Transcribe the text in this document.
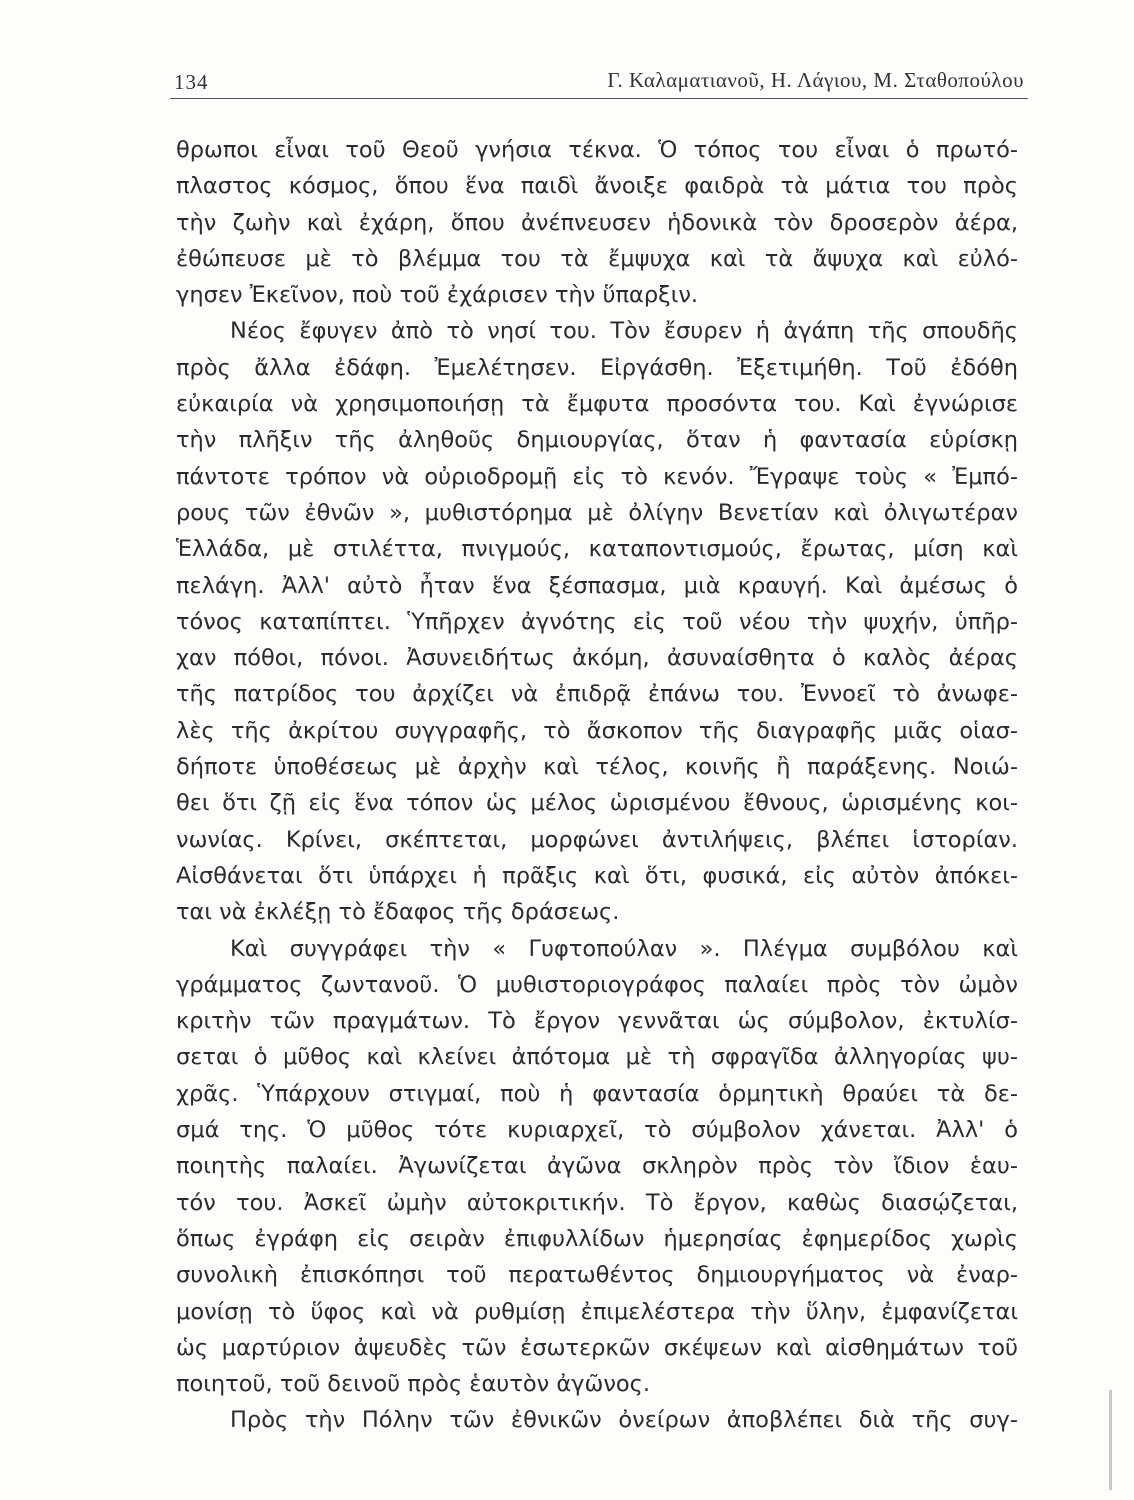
134	Γ. Καλαματιανοῦ, Η. Λάγιου, Μ. Σταθοπούλου
θρωποι εἶναι τοῦ Θεοῦ γνήσια τέκνα. Ὁ τόπος του εἶναι ὁ πρωτό- πλαστος κόσμος, ὅπου ἕνα παιδὶ ἄνοιξε φαιδρὰ τὰ μάτια του πρὸς τὴν ζωὴν καὶ ἐχάρη, ὅπου ἀνέπνευσεν ἡδονικὰ τὸν δροσερὸν ἀέρα, ἐθώπευσε μὲ τὸ βλέμμα του τὰ ἔμψυχα καὶ τὰ ἄψυχα καὶ εὐλό- γησεν Ἐκεῖνον, ποὺ τοῦ ἐχάρισεν τὴν ὕπαρξιν. Νέος ἔφυγεν ἀπὸ τὸ νησί του. Τὸν ἔσυρεν ἡ ἀγάπη τῆς σπουδῆς πρὸς ἄλλα ἐδάφη. Ἐμελέτησεν. Εἰργάσθη. Ἐξετιμήθη. Τοῦ ἐδόθη εὐκαιρία νὰ χρησιμοποιήσῃ τὰ ἔμφυτα προσόντα του. Καὶ ἐγνώρισε τὴν πλῆξιν τῆς ἀληθοῦς δημιουργίας, ὅταν ἡ φαντασία εὑρίσκῃ πάντοτε τρόπον νὰ οὐριοδρομῇ εἰς τὸ κενόν. Ἔγραψε τοὺς « Ἐμπό- ρους τῶν ἐθνῶν », μυθιστόρημα μὲ ὀλίγην Βενετίαν καὶ ὀλιγωτέραν Ἑλλάδα, μὲ στιλέττα, πνιγμούς, καταποντισμούς, ἔρωτας, μίση καὶ πελάγη. Ἀλλ' αὐτὸ ἦταν ἕνα ξέσπασμα, μιὰ κραυγή. Καὶ ἀμέσως ὁ τόνος καταπίπτει. Ὑπῆρχεν ἀγνότης εἰς τοῦ νέου τὴν ψυχήν, ὑπῆρ- χαν πόθοι, πόνοι. Ἀσυνειδήτως ἀκόμη, ἀσυναίσθητα ὁ καλὸς ἀέρας τῆς πατρίδος του ἀρχίζει νὰ ἐπιδρᾷ ἐπάνω του. Ἐννοεῖ τὸ ἀνωφε- λὲς τῆς ἀκρίτου συγγραφῆς, τὸ ἄσκοπον τῆς διαγραφῆς μιᾶς οἱασ- δήποτε ὑποθέσεως μὲ ἀρχὴν καὶ τέλος, κοινῆς ἢ παράξενης. Νοιώ- θει ὅτι ζῇ εἰς ἕνα τόπον ὡς μέλος ὡρισμένου ἔθνους, ὡρισμένης κοι- νωνίας. Κρίνει, σκέπτεται, μορφώνει ἀντιλήψεις, βλέπει ἱστορίαν. Αἰσθάνεται ὅτι ὑπάρχει ἡ πρᾶξις καὶ ὅτι, φυσικά, εἰς αὐτὸν ἀπόκει- ται νὰ ἐκλέξῃ τὸ ἔδαφος τῆς δράσεως. Καὶ συγγράφει τὴν « Γυφτοπούλαν ». Πλέγμα συμβόλου καὶ γράμματος ζωντανοῦ. Ὁ μυθιστοριογράφος παλαίει πρὸς τὸν ὠμὸν κριτὴν τῶν πραγμάτων. Τὸ ἔργον γεννᾶται ὡς σύμβολον, ἐκτυλίσ- σεται ὁ μῦθος καὶ κλείνει ἀπότομα μὲ τὴ σφραγῖδα ἀλληγορίας ψυ- χρᾶς. Ὑπάρχουν στιγμαί, ποὺ ἡ φαντασία ὁρμητικὴ θραύει τὰ δε- σμά της. Ὁ μῦθος τότε κυριαρχεῖ, τὸ σύμβολον χάνεται. Ἀλλ' ὁ ποιητὴς παλαίει. Ἀγωνίζεται ἀγῶνα σκληρὸν πρὸς τὸν ἴδιον ἑαυ- τόν του. Ἀσκεῖ ὠμὴν αὐτοκριτικήν. Τὸ ἔργον, καθὼς διασῴζεται, ὅπως ἐγράφη εἰς σειρὰν ἐπιφυλλίδων ἡμερησίας ἐφημερίδος χωρὶς συνολικὴ ἐπισκόπησι τοῦ περατωθέντος δημιουργήματος νὰ ἐναρ- μονίσῃ τὸ ὕφος καὶ νὰ ρυθμίσῃ ἐπιμελέστερα τὴν ὕλην, ἐμφανίζεται ὡς μαρτύριον ἀψευδὲς τῶν ἐσωτερκῶν σκέψεων καὶ αἰσθημάτων τοῦ ποιητοῦ, τοῦ δεινοῦ πρὸς ἑαυτὸν ἀγῶνος. Πρὸς τὴν Πόλην τῶν ἐθνικῶν ὀνείρων ἀποβλέπει διὰ τῆς συγ-
